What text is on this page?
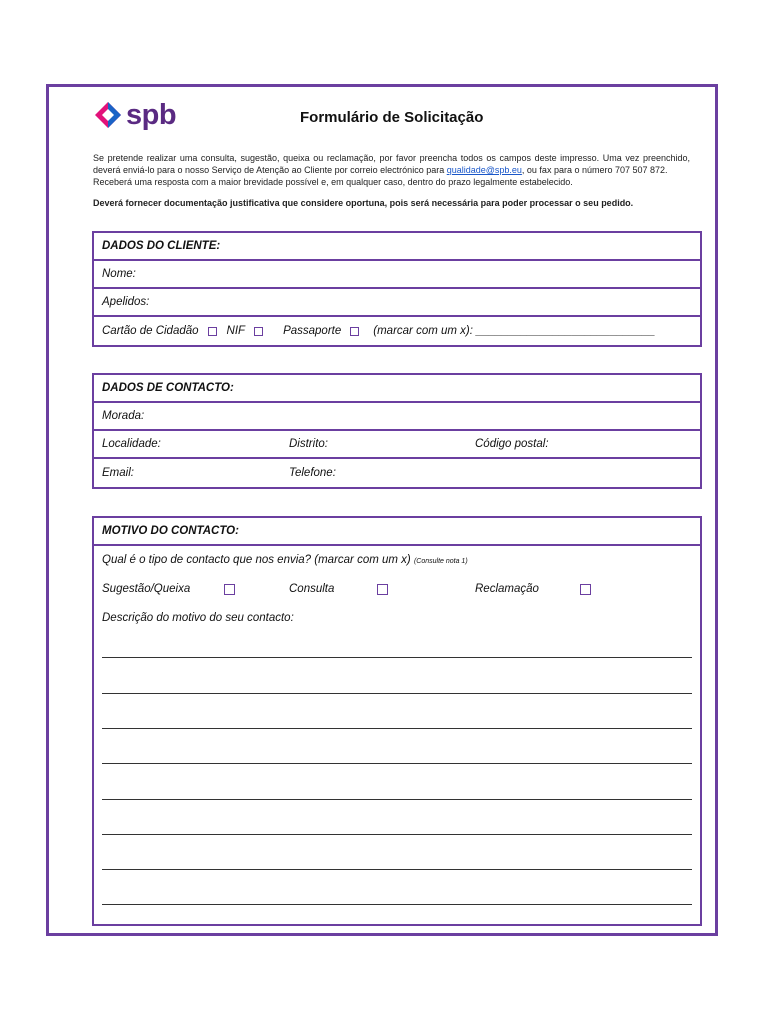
spb	Formulário de Solicitação

Se pretende realizar uma consulta, sugestão, queixa ou reclamação, por favor preencha todos os campos deste impresso. Uma vez preenchido, deverá enviá-lo para o nosso Serviço de Atenção ao Cliente por correio electrónico para qualidade@spb.eu, ou fax para o número 707 507 872.

Receberá uma resposta com a maior brevidade possível e, em qualquer caso, dentro do prazo legalmente estabelecido.

Deverá fornecer documentação justificativa que considere oportuna, pois será necessária para poder processar o seu pedido.
DADOS DO CLIENTE:
Nome:
Apelidos:
Cartão de Cidadão NIF	Passaporte	(marcar com um x): ____________________________
DADOS DE CONTACTO:
Morada:
Localidade:	Distrito:	Código postal:
Email:	Telefone:
MOTIVO DO CONTACTO:
Qual é o tipo de contacto que nos envia? (marcar com um x) (Consulte nota 1)
Sugestão/Queixa	Consulta	Reclamação
Descrição do motivo do seu contacto:
